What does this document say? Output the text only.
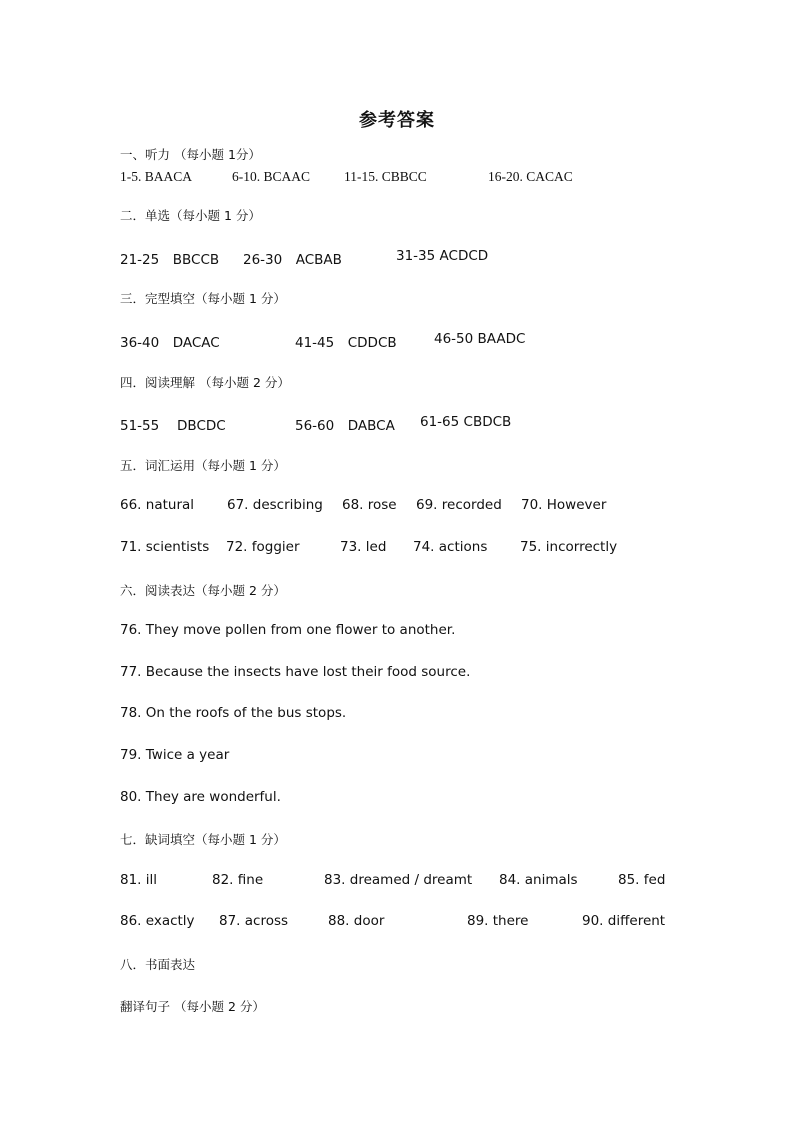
参考答案
一、听力 （每小题 1分）
1-5. BAACA	6-10. BCAAC	11-15. CBBCC	16-20. CACAC
二．单选（每小题 1 分）
21-25　BBCCB 26-30　ACBAB	31-35 ACDCD
三．完型填空（每小题 1 分）
36-40　DACAC	41-45　CDDCB	46-50 BAADC
四．阅读理解 （每小题 2 分）
51-55　 DBCDC	56-60　DABCA 61-65 CBDCB
五．词汇运用（每小题 1 分）
66. natural 67. describing 68. rose 69. recorded 70. However
71. scientists 72. foggier	73. led 74. actions 75. incorrectly
六．阅读表达（每小题 2 分）
76. They move pollen from one flower to another.
77. Because the insects have lost their food source.
78. On the roofs of the bus stops.
79. Twice a year
80. They are wonderful.
七．缺词填空（每小题 1 分）
81. ill	82. fine	83. dreamed / dreamt 84. animals	85. fed
86. exactly 87. across	88. door	89. there	90. different
八．书面表达
翻译句子 （每小题 2 分）
